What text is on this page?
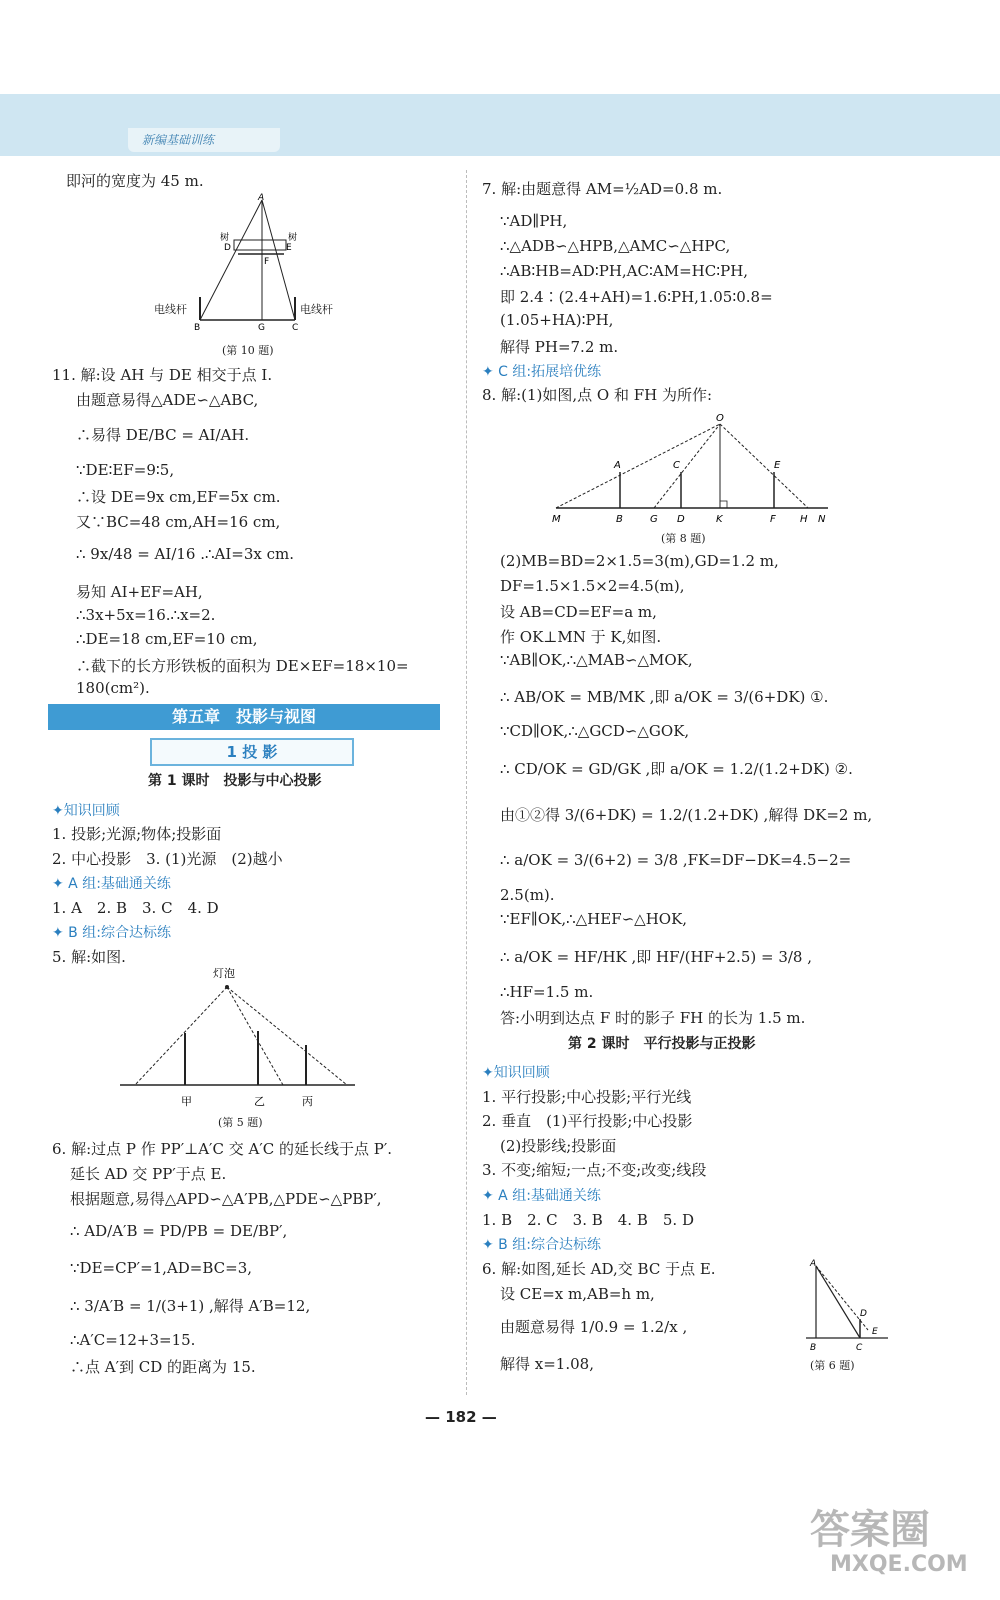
新编基础训练
即河的宽度为 45 m.
A
D	E
F
B	G	C
树	树
电线杆	电线杆
(第 10 题)
11. 解:设 AH 与 DE 相交于点 I.
由题意易得△ADE∽△ABC,
∴易得 DE/BC = AI/AH.
∵DE∶EF=9∶5,
∴设 DE=9x cm,EF=5x cm.
又∵BC=48 cm,AH=16 cm,
∴ 9x/48 = AI/16 .∴AI=3x cm.
易知 AI+EF=AH,
∴3x+5x=16.∴x=2.
∴DE=18 cm,EF=10 cm,
∴截下的长方形铁板的面积为 DE×EF=18×10=
180(cm²).
第五章　投影与视图
1 投 影
第 1 课时　投影与中心投影
✦知识回顾
1. 投影;光源;物体;投影面
2. 中心投影　3. (1)光源　(2)越小
✦ A 组:基础通关练
1. A　2. B　3. C　4. D
✦ B 组:综合达标练
5. 解:如图.
灯泡
甲	乙	丙
(第 5 题)
6. 解:过点 P 作 PP′⊥A′C 交 A′C 的延长线于点 P′.
延长 AD 交 PP′于点 E.
根据题意,易得△APD∽△A′PB,△PDE∽△PBP′,
∴ AD/A′B = PD/PB = DE/BP′,
∵DE=CP′=1,AD=BC=3,
∴ 3/A′B = 1/(3+1) ,解得 A′B=12,
∴A′C=12+3=15.
∴点 A′到 CD 的距离为 15.
7. 解:由题意得 AM=½AD=0.8 m.
∵AD∥PH,
∴△ADB∽△HPB,△AMC∽△HPC,
∴AB∶HB=AD∶PH,AC∶AM=HC∶PH,
即 2.4∶(2.4+AH)=1.6∶PH,1.05∶0.8=
(1.05+HA)∶PH,
解得 PH=7.2 m.
✦ C 组:拓展培优练
8. 解:(1)如图,点 O 和 FH 为所作:
M	B	G D	K	F H N
A	C
O
E
(第 8 题)
(2)MB=BD=2×1.5=3(m),GD=1.2 m,
DF=1.5×1.5×2=4.5(m),
设 AB=CD=EF=a m,
作 OK⊥MN 于 K,如图.
∵AB∥OK,∴△MAB∽△MOK,
∴ AB/OK = MB/MK ,即 a/OK = 3/(6+DK) ①.
∵CD∥OK,∴△GCD∽△GOK,
∴ CD/OK = GD/GK ,即 a/OK = 1.2/(1.2+DK) ②.
由①②得 3/(6+DK) = 1.2/(1.2+DK) ,解得 DK=2 m,
∴ a/OK = 3/(6+2) = 3/8 ,FK=DF−DK=4.5−2=
2.5(m).
∵EF∥OK,∴△HEF∽△HOK,
∴ a/OK = HF/HK ,即 HF/(HF+2.5) = 3/8 ,
∴HF=1.5 m.
答:小明到达点 F 时的影子 FH 的长为 1.5 m.
第 2 课时　平行投影与正投影
✦知识回顾
1. 平行投影;中心投影;平行光线
2. 垂直　(1)平行投影;中心投影
(2)投影线;投影面
3. 不变;缩短;一点;不变;改变;线段
✦ A 组:基础通关练
1. B　2. C　3. B　4. B　5. D
✦ B 组:综合达标练
6. 解:如图,延长 AD,交 BC 于点 E.
设 CE=x m,AB=h m,
由题意易得 1/0.9 = 1.2/x ,
解得 x=1.08,
A
B	C
D
E
(第 6 题)
— 182 —
答案圈
MXQE.COM
